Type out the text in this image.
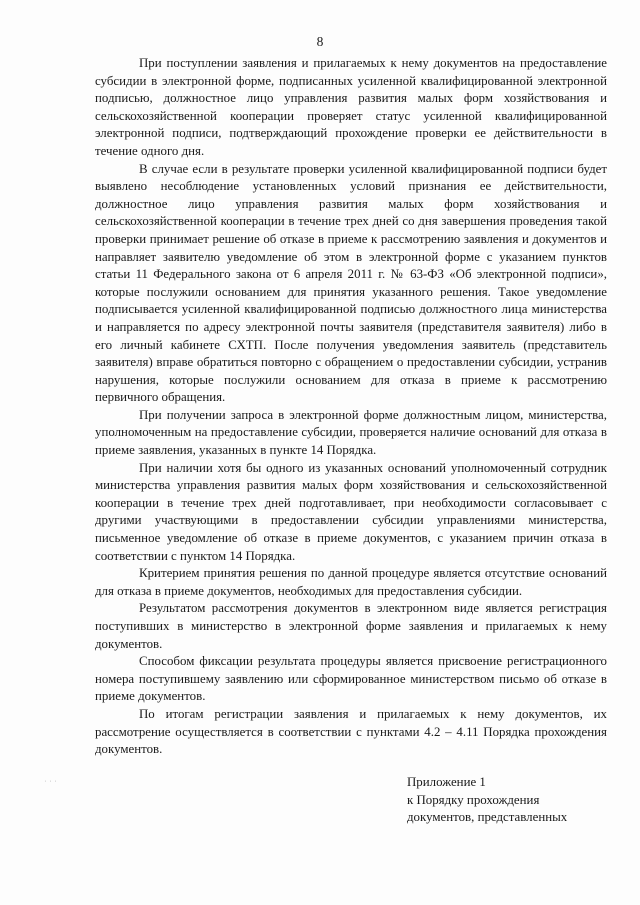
8

При поступлении заявления и прилагаемых к нему документов на предоставление субсидии в электронной форме, подписанных усиленной квалифицированной электронной подписью, должностное лицо управления развития малых форм хозяйствования и сельскохозяйственной кооперации проверяет статус усиленной квалифицированной электронной подписи, подтверждающий прохождение проверки ее действительности в течение одного дня.

В случае если в результате проверки усиленной квалифицированной подписи будет выявлено несоблюдение установленных условий признания ее действительности, должностное лицо управления развития малых форм хозяйствования и сельскохозяйственной кооперации в течение трех дней со дня завершения проведения такой проверки принимает решение об отказе в приеме к рассмотрению заявления и документов и направляет заявителю уведомление об этом в электронной форме с указанием пунктов статьи 11 Федерального закона от 6 апреля 2011 г. № 63-ФЗ «Об электронной подписи», которые послужили основанием для принятия указанного решения. Такое уведомление подписывается усиленной квалифицированной подписью должностного лица министерства и направляется по адресу электронной почты заявителя (представителя заявителя) либо в его личный кабинете СХТП. После получения уведомления заявитель (представитель заявителя) вправе обратиться повторно с обращением о предоставлении субсидии, устранив нарушения, которые послужили основанием для отказа в приеме к рассмотрению первичного обращения.

При получении запроса в электронной форме должностным лицом, министерства, уполномоченным на предоставление субсидии, проверяется наличие оснований для отказа в приеме заявления, указанных в пункте 14 Порядка.

При наличии хотя бы одного из указанных оснований уполномоченный сотрудник министерства управления развития малых форм хозяйствования и сельскохозяйственной кооперации в течение трех дней подготавливает, при необходимости согласовывает с другими участвующими в предоставлении субсидии управлениями министерства, письменное уведомление об отказе в приеме документов, с указанием причин отказа в соответствии с пунктом 14 Порядка.

Критерием принятия решения по данной процедуре является отсутствие оснований для отказа в приеме документов, необходимых для предоставления субсидии.

Результатом рассмотрения документов в электронном виде является регистрация поступивших в министерство в электронной форме заявления и прилагаемых к нему документов.

Способом фиксации результата процедуры является присвоение регистрационного номера поступившему заявлению или сформированное министерством письмо об отказе в приеме документов.

По итогам регистрации заявления и прилагаемых к нему документов, их рассмотрение осуществляется в соответствии с пунктами 4.2 – 4.11 Порядка прохождения документов.

Приложение 1
к Порядку прохождения
документов, представленных
⋅ ⋅ ⋅
